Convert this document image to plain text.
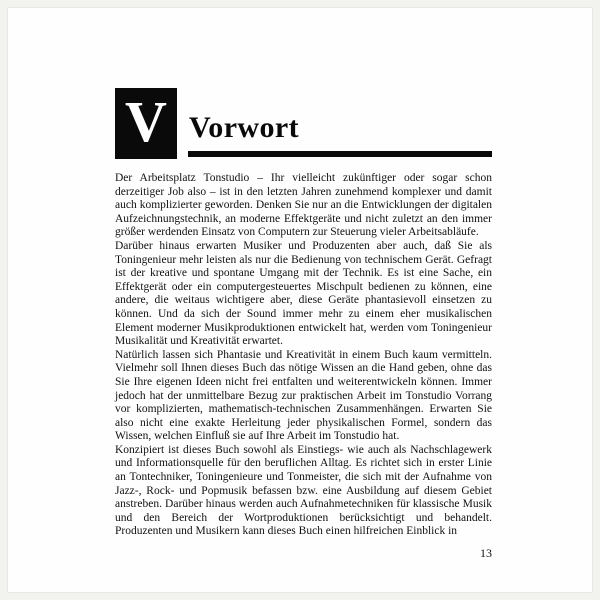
V Vorwort

Der Arbeitsplatz Tonstudio – Ihr vielleicht zukünftiger oder sogar schon derzeitiger Job also – ist in den letzten Jahren zunehmend komplexer und damit auch komplizierter geworden. Denken Sie nur an die Entwicklungen der digitalen Aufzeichnungstechnik, an moderne Effektgeräte und nicht zuletzt an den immer größer werdenden Einsatz von Computern zur Steuerung vieler Arbeitsabläufe.

Darüber hinaus erwarten Musiker und Produzenten aber auch, daß Sie als Toningenieur mehr leisten als nur die Bedienung von technischem Gerät. Gefragt ist der kreative und spontane Umgang mit der Technik. Es ist eine Sache, ein Effektgerät oder ein computergesteuertes Mischpult bedienen zu können, eine andere, die weitaus wichtigere aber, diese Geräte phantasievoll einsetzen zu können. Und da sich der Sound immer mehr zu einem eher musikalischen Element moderner Musikproduktionen entwickelt hat, werden vom Toningenieur Musikalität und Kreativität erwartet.

Natürlich lassen sich Phantasie und Kreativität in einem Buch kaum vermitteln. Vielmehr soll Ihnen dieses Buch das nötige Wissen an die Hand geben, ohne das Sie Ihre eigenen Ideen nicht frei entfalten und weiterentwickeln können. Immer jedoch hat der unmittelbare Bezug zur praktischen Arbeit im Tonstudio Vorrang vor komplizierten, mathematisch-technischen Zusammenhängen. Erwarten Sie also nicht eine exakte Herleitung jeder physikalischen Formel, sondern das Wissen, welchen Einfluß sie auf Ihre Arbeit im Tonstudio hat.

Konzipiert ist dieses Buch sowohl als Einstiegs- wie auch als Nachschlagewerk und Informationsquelle für den beruflichen Alltag. Es richtet sich in erster Linie an Tontechniker, Toningenieure und Tonmeister, die sich mit der Aufnahme von Jazz-, Rock- und Popmusik befassen bzw. eine Ausbildung auf diesem Gebiet anstreben. Darüber hinaus werden auch Aufnahmetechniken für klassische Musik und den Bereich der Wortproduktionen berücksichtigt und behandelt. Produzenten und Musikern kann dieses Buch einen hilfreichen Einblick in

13
